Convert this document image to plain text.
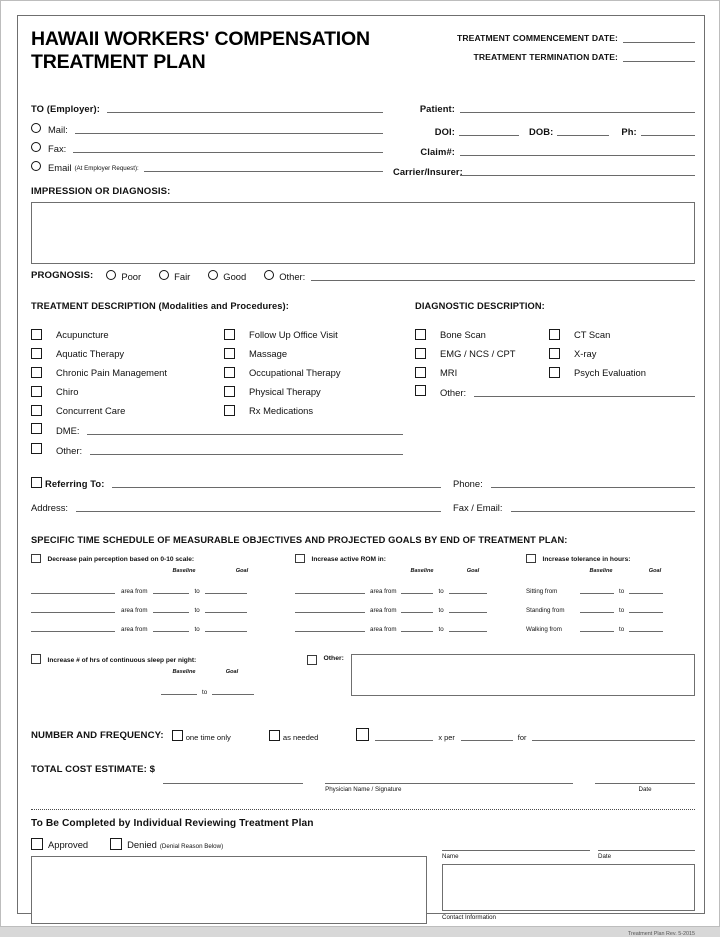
HAWAII WORKERS' COMPENSATION
TREATMENT PLAN
TREATMENT COMMENCEMENT DATE:
TREATMENT TERMINATION DATE:
TO (Employer):
Mail:
Fax:
Email (At Employer Request):
Patient:
DOI:	DOB:	Ph:
Claim#:
Carrier/Insurer:
IMPRESSION OR DIAGNOSIS:
PROGNOSIS:	Poor	Fair	Good	Other:
TREATMENT DESCRIPTION (Modalities and Procedures):
Acupuncture
Aquatic Therapy
Chronic Pain Management
Chiro
Concurrent Care
Follow Up Office Visit
Massage
Occupational Therapy
Physical Therapy
Rx Medications
DME:
Other:
DIAGNOSTIC DESCRIPTION:
Bone Scan
EMG / NCS / CPT
MRI
CT Scan
X-ray
Psych Evaluation
Other:
Referring To:	Phone:
Address:	Fax / Email:
SPECIFIC TIME SCHEDULE OF MEASURABLE OBJECTIVES AND PROJECTED GOALS BY END OF TREATMENT PLAN:
Decrease pain perception based on 0-10 scale:
Baseline	Goal
area from	to
area from	to
area from	to
Increase active ROM in:
Baseline	Goal
area from	to
area from	to
area from	to
Increase tolerance in hours:
Baseline	Goal
Sitting from	to
Standing from	to
Walking from	to
Increase # of hrs of continuous sleep per night:
Baseline	Goal
to
Other:
NUMBER AND FREQUENCY:	one time only	as needed	x per	for
TOTAL COST ESTIMATE: $
Physician Name / Signature	Date
To Be Completed by Individual Reviewing Treatment Plan
Approved	Denied (Denial Reason Below)
Name	Date
Contact Information
Treatment Plan Rev. 5-2015
